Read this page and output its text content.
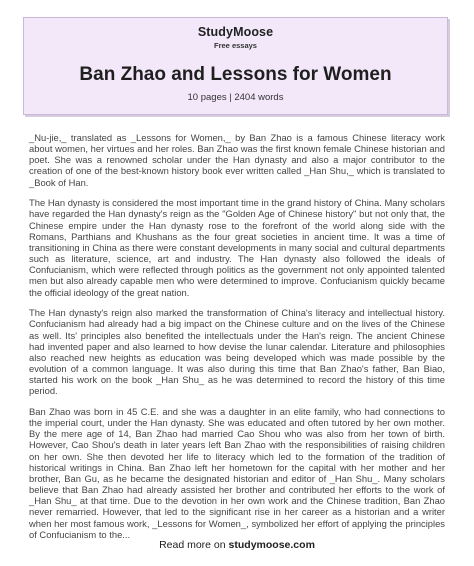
StudyMoose
Free essays
Ban Zhao and Lessons for Women
10 pages | 2404 words

_Nu-jie,_ translated as _Lessons for Women,_ by Ban Zhao is a famous Chinese literacy work about women, her virtues and her roles. Ban Zhao was the first known female Chinese historian and poet. She was a renowned scholar under the Han dynasty and also a major contributor to the creation of one of the best-known history book ever written called _Han Shu,_ which is translated to _Book of Han.

The Han dynasty is considered the most important time in the grand history of China. Many scholars have regarded the Han dynasty's reign as the "Golden Age of Chinese history" but not only that, the Chinese empire under the Han dynasty rose to the forefront of the world along side with the Romans, Parthians and Khushans as the four great societies in ancient time. It was a time of transitioning in China as there were constant developments in many social and cultural departments such as literature, science, art and industry. The Han dynasty also followed the ideals of Confucianism, which were reflected through politics as the government not only appointed talented men but also already capable men who were determined to improve. Confucianism quickly became the official ideology of the great nation.

The Han dynasty's reign also marked the transformation of China's literacy and intellectual history. Confucianism had already had a big impact on the Chinese culture and on the lives of the Chinese as well. Its' principles also benefited the intellectuals under the Han's reign. The ancient Chinese had invented paper and also learned to how devise the lunar calendar. Literature and philosophies also reached new heights as education was being developed which was made possible by the evolution of a common language. It was also during this time that Ban Zhao's father, Ban Biao, started his work on the book _Han Shu_ as he was determined to record the history of this time period.

Ban Zhao was born in 45 C.E. and she was a daughter in an elite family, who had connections to the imperial court, under the Han dynasty. She was educated and often tutored by her own mother. By the mere age of 14, Ban Zhao had married Cao Shou who was also from her town of birth. However, Cao Shou's death in later years left Ban Zhao with the responsibilities of raising children on her own. She then devoted her life to literacy which led to the formation of the tradition of historical writings in China. Ban Zhao left her hometown for the capital with her mother and her brother, Ban Gu, as he became the designated historian and editor of _Han Shu_. Many scholars believe that Ban Zhao had already assisted her brother and contributed her efforts to the work of _Han Shu_ at that time. Due to the devotion in her own work and the Chinese tradition, Ban Zhao never remarried. However, that led to the significant rise in her career as a historian and a writer when her most famous work, _Lessons for Women_, symbolized her effort of applying the principles of Confucianism to the...

Read more on studymoose.com
